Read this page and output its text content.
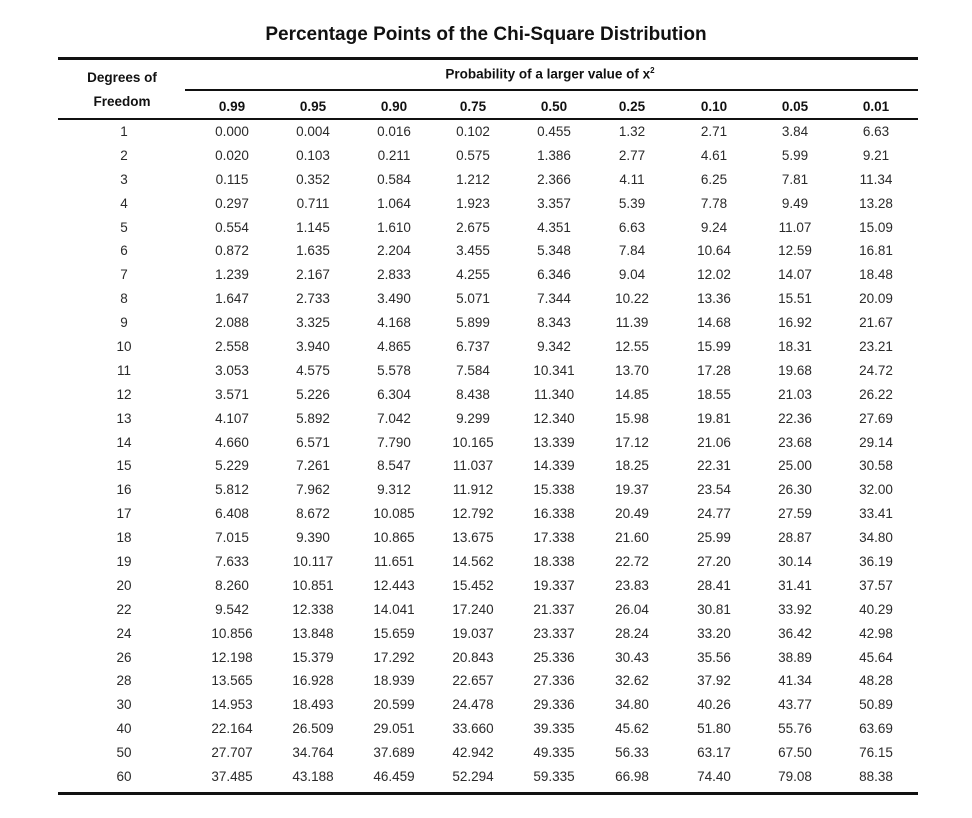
Percentage Points of the Chi-Square Distribution
Degrees of
Freedom
Probability of a larger value of $x^2$
0.99	0.95	0.90	0.75	0.50	0.25	0.10	0.05	0.01
1	0.000	0.004	0.016	0.102	0.455	1.32	2.71	3.84	6.63
2	0.020	0.103	0.211	0.575	1.386	2.77	4.61	5.99	9.21
3	0.115	0.352	0.584	1.212	2.366	4.11	6.25	7.81	11.34
4	0.297	0.711	1.064	1.923	3.357	5.39	7.78	9.49	13.28
5	0.554	1.145	1.610	2.675	4.351	6.63	9.24	11.07	15.09
6	0.872	1.635	2.204	3.455	5.348	7.84	10.64	12.59	16.81
7	1.239	2.167	2.833	4.255	6.346	9.04	12.02	14.07	18.48
8	1.647	2.733	3.490	5.071	7.344	10.22	13.36	15.51	20.09
9	2.088	3.325	4.168	5.899	8.343	11.39	14.68	16.92	21.67
10	2.558	3.940	4.865	6.737	9.342	12.55	15.99	18.31	23.21
11	3.053	4.575	5.578	7.584	10.341	13.70	17.28	19.68	24.72
12	3.571	5.226	6.304	8.438	11.340	14.85	18.55	21.03	26.22
13	4.107	5.892	7.042	9.299	12.340	15.98	19.81	22.36	27.69
14	4.660	6.571	7.790	10.165	13.339	17.12	21.06	23.68	29.14
15	5.229	7.261	8.547	11.037	14.339	18.25	22.31	25.00	30.58
16	5.812	7.962	9.312	11.912	15.338	19.37	23.54	26.30	32.00
17	6.408	8.672	10.085	12.792	16.338	20.49	24.77	27.59	33.41
18	7.015	9.390	10.865	13.675	17.338	21.60	25.99	28.87	34.80
19	7.633	10.117	11.651	14.562	18.338	22.72	27.20	30.14	36.19
20	8.260	10.851	12.443	15.452	19.337	23.83	28.41	31.41	37.57
22	9.542	12.338	14.041	17.240	21.337	26.04	30.81	33.92	40.29
24	10.856	13.848	15.659	19.037	23.337	28.24	33.20	36.42	42.98
26	12.198	15.379	17.292	20.843	25.336	30.43	35.56	38.89	45.64
28	13.565	16.928	18.939	22.657	27.336	32.62	37.92	41.34	48.28
30	14.953	18.493	20.599	24.478	29.336	34.80	40.26	43.77	50.89
40	22.164	26.509	29.051	33.660	39.335	45.62	51.80	55.76	63.69
50	27.707	34.764	37.689	42.942	49.335	56.33	63.17	67.50	76.15
60	37.485	43.188	46.459	52.294	59.335	66.98	74.40	79.08	88.38
